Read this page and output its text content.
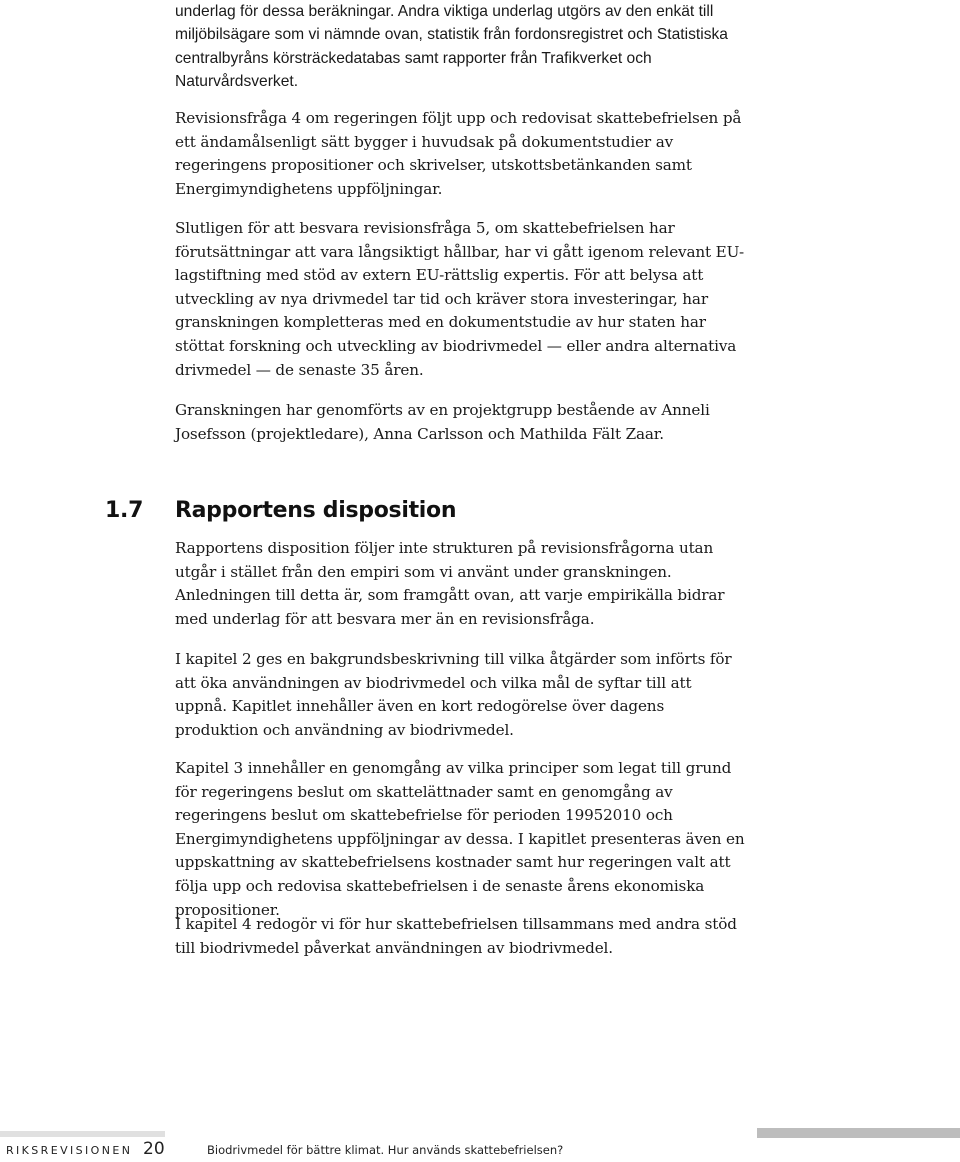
underlag för dessa beräkningar. Andra viktiga underlag utgörs av den enkät till miljöbilsägare som vi nämnde ovan, statistik från fordonsregistret och Statistiska centralbyråns körsträckedatabas samt rapporter från Trafikverket och Naturvårdsverket.

Revisionsfråga 4 om regeringen följt upp och redovisat skattebefrielsen på ett ändamålsenligt sätt bygger i huvudsak på dokumentstudier av regeringens propositioner och skrivelser, utskottsbetänkanden samt Energimyndighetens uppföljningar.

Slutligen för att besvara revisionsfråga 5, om skattebefrielsen har förutsättningar att vara långsiktigt hållbar, har vi gått igenom relevant EU-lagstiftning med stöd av extern EU-rättslig expertis. För att belysa att utveckling av nya drivmedel tar tid och kräver stora investeringar, har granskningen kompletteras med en dokumentstudie av hur staten har stöttat forskning och utveckling av biodrivmedel — eller andra alternativa drivmedel — de senaste 35 åren.

Granskningen har genomförts av en projektgrupp bestående av Anneli Josefsson (projektledare), Anna Carlsson och Mathilda Fält Zaar.

1.7 Rapportens disposition

Rapportens disposition följer inte strukturen på revisionsfrågorna utan utgår i stället från den empiri som vi använt under granskningen. Anledningen till detta är, som framgått ovan, att varje empirikälla bidrar med underlag för att besvara mer än en revisionsfråga.

I kapitel 2 ges en bakgrundsbeskrivning till vilka åtgärder som införts för att öka användningen av biodrivmedel och vilka mål de syftar till att uppnå. Kapitlet innehåller även en kort redogörelse över dagens produktion och användning av biodrivmedel.

Kapitel 3 innehåller en genomgång av vilka principer som legat till grund för regeringens beslut om skattelättnader samt en genomgång av regeringens beslut om skattebefrielse för perioden 19952010 och Energimyndighetens uppföljningar av dessa. I kapitlet presenteras även en uppskattning av skattebefrielsens kostnader samt hur regeringen valt att följa upp och redovisa skattebefrielsen i de senaste årens ekonomiska propositioner.

I kapitel 4 redogör vi för hur skattebefrielsen tillsammans med andra stöd till biodrivmedel påverkat användningen av biodrivmedel.

RIKSREVISIONEN 20	Biodrivmedel för bättre klimat. Hur används skattebefrielsen?
